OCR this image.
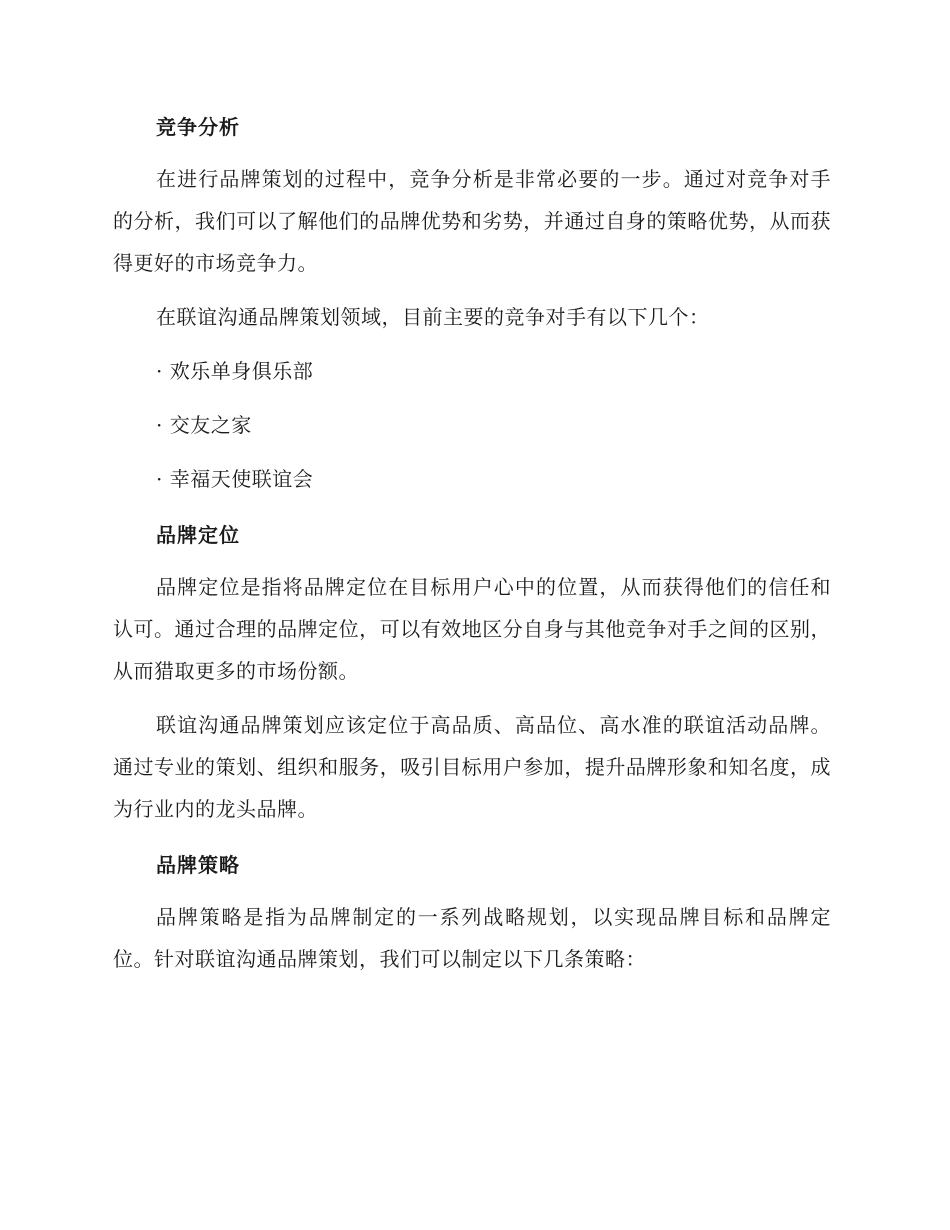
竞争分析

在进行品牌策划的过程中，竞争分析是非常必要的一步。通过对竞争对手的分析，我们可以了解他们的品牌优势和劣势，并通过自身的策略优势，从而获得更好的市场竞争力。

在联谊沟通品牌策划领域，目前主要的竞争对手有以下几个：

· 欢乐单身俱乐部
· 交友之家
· 幸福天使联谊会
品牌定位

品牌定位是指将品牌定位在目标用户心中的位置，从而获得他们的信任和认可。通过合理的品牌定位，可以有效地区分自身与其他竞争对手之间的区别，从而猎取更多的市场份额。

联谊沟通品牌策划应该定位于高品质、高品位、高水准的联谊活动品牌。通过专业的策划、组织和服务，吸引目标用户参加，提升品牌形象和知名度，成为行业内的龙头品牌。

品牌策略

品牌策略是指为品牌制定的一系列战略规划，以实现品牌目标和品牌定位。针对联谊沟通品牌策划，我们可以制定以下几条策略：
